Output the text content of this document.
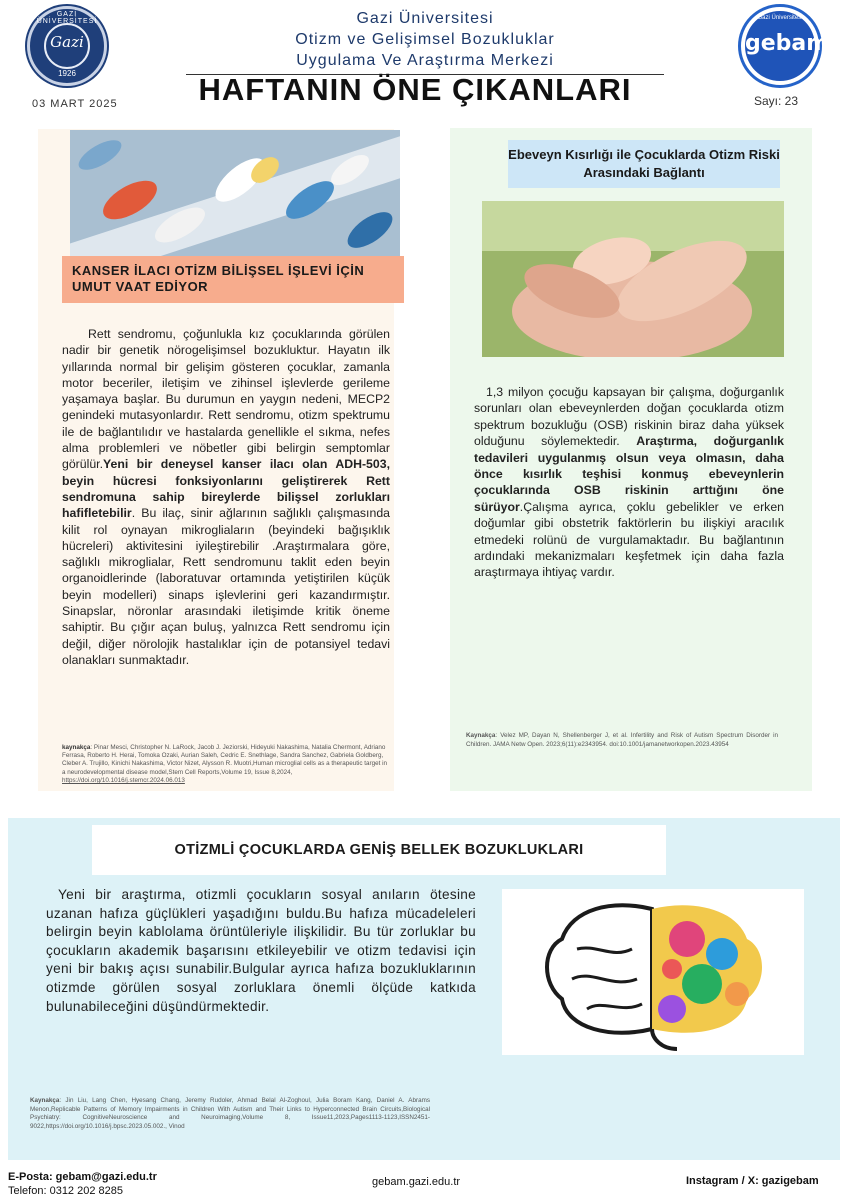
GAZİ ÜNİVERSİTESİ
Gazi
1926
Gazi Üniversitesi
Otizm ve Gelişimsel Bozukluklar
Uygulama Ve Araştırma Merkezi
HAFTANIN ÖNE ÇIKANLARI
03 MART 2025	Sayı: 23
Gazi Üniversitesi
gebam
KANSER İLACI OTİZM BİLİŞSEL İŞLEVİ İÇİN UMUT VAAT EDİYOR
Rett sendromu, çoğunlukla kız çocuklarında görülen nadir bir genetik nörogelişimsel bozukluktur. Hayatın ilk yıllarında normal bir gelişim gösteren çocuklar, zamanla motor beceriler, iletişim ve zihinsel işlevlerde gerileme yaşamaya başlar. Bu durumun en yaygın nedeni, MECP2 genindeki mutasyonlardır. Rett sendromu, otizm spektrumu ile de bağlantılıdır ve hastalarda genellikle el sıkma, nefes alma problemleri ve nöbetler gibi belirgin semptomlar görülür.Yeni bir deneysel kanser ilacı olan ADH-503, beyin hücresi fonksiyonlarını geliştirerek Rett sendromuna sahip bireylerde bilişsel zorlukları hafifletebilir. Bu ilaç, sinir ağlarının sağlıklı çalışmasında kilit rol oynayan mikrogliaların (beyindeki bağışıklık hücreleri) aktivitesini iyileştirebilir .Araştırmalara göre, sağlıklı mikroglialar, Rett sendromunu taklit eden beyin organoidlerinde (laboratuvar ortamında yetiştirilen küçük beyin modelleri) sinaps işlevlerini geri kazandırmıştır. Sinapslar, nöronlar arasındaki iletişimde kritik öneme sahiptir. Bu çığır açan buluş, yalnızca Rett sendromu için değil, diğer nörolojik hastalıklar için de potansiyel tedavi olanakları sunmaktadır.
kaynakça: Pinar Mesci, Christopher N. LaRock, Jacob J. Jeziorski, Hideyuki Nakashima, Natalia Chermont, Adriano Ferrasa, Roberto H. Herai, Tomoka Ozaki, Aurian Saleh, Cedric E. Snethlage, Sandra Sanchez, Gabriela Goldberg, Cleber A. Trujillo, Kinichi Nakashima, Victor Nizet, Alysson R. Muotri,Human microglial cells as a therapeutic target in a neurodevelopmental disease model,Stem Cell Reports,Volume 19, Issue 8,2024,
https://doi.org/10.1016/j.stemcr.2024.06.013
Ebeveyn Kısırlığı ile Çocuklarda Otizm Riski Arasındaki Bağlantı
1,3 milyon çocuğu kapsayan bir çalışma, doğurganlık sorunları olan ebeveynlerden doğan çocuklarda otizm spektrum bozukluğu (OSB) riskinin biraz daha yüksek olduğunu söylemektedir. Araştırma, doğurganlık tedavileri uygulanmış olsun veya olmasın, daha önce kısırlık teşhisi konmuş ebeveynlerin çocuklarında OSB riskinin arttığını öne sürüyor.Çalışma ayrıca, çoklu gebelikler ve erken doğumlar gibi obstetrik faktörlerin bu ilişkiyi aracılık etmedeki rolünü de vurgulamaktadır. Bu bağlantının ardındaki mekanizmaları keşfetmek için daha fazla araştırmaya ihtiyaç vardır.
Kaynakça: Velez MP, Dayan N, Shellenberger J, et al. Infertility and Risk of Autism Spectrum Disorder in Children. JAMA Netw Open. 2023;6(11):e2343954. doi:10.1001/jamanetworkopen.2023.43954
OTİZMLİ ÇOCUKLARDA GENİŞ BELLEK BOZUKLUKLARI
Yeni bir araştırma, otizmli çocukların sosyal anıların ötesine uzanan hafıza güçlükleri yaşadığını buldu.Bu hafıza mücadeleleri belirgin beyin kablolama örüntüleriyle ilişkilidir. Bu tür zorluklar bu çocukların akademik başarısını etkileyebilir ve otizm tedavisi için yeni bir bakış açısı sunabilir.Bulgular ayrıca hafıza bozukluklarının otizmde görülen sosyal zorluklara önemli ölçüde katkıda bulunabileceğini düşündürmektedir.
Kaynakça: Jin Liu, Lang Chen, Hyesang Chang, Jeremy Rudoler, Ahmad Belal Al-Zoghoul, Julia Boram Kang, Daniel A. Abrams Menon,Replicable Patterns of Memory Impairments in Children With Autism and Their Links to Hyperconnected Brain Circuits,Biological Psychiatry: CognitiveNeuroscience and Neuroimaging,Volume 8, Issue11,2023,Pages1113-1123,ISSN2451-9022,https://doi.org/10.1016/j.bpsc.2023.05.002., Vinod
E-Posta: gebam@gazi.edu.tr
Telefon: 0312 202 8285
gebam.gazi.edu.tr	Instagram / X: gazigebam
